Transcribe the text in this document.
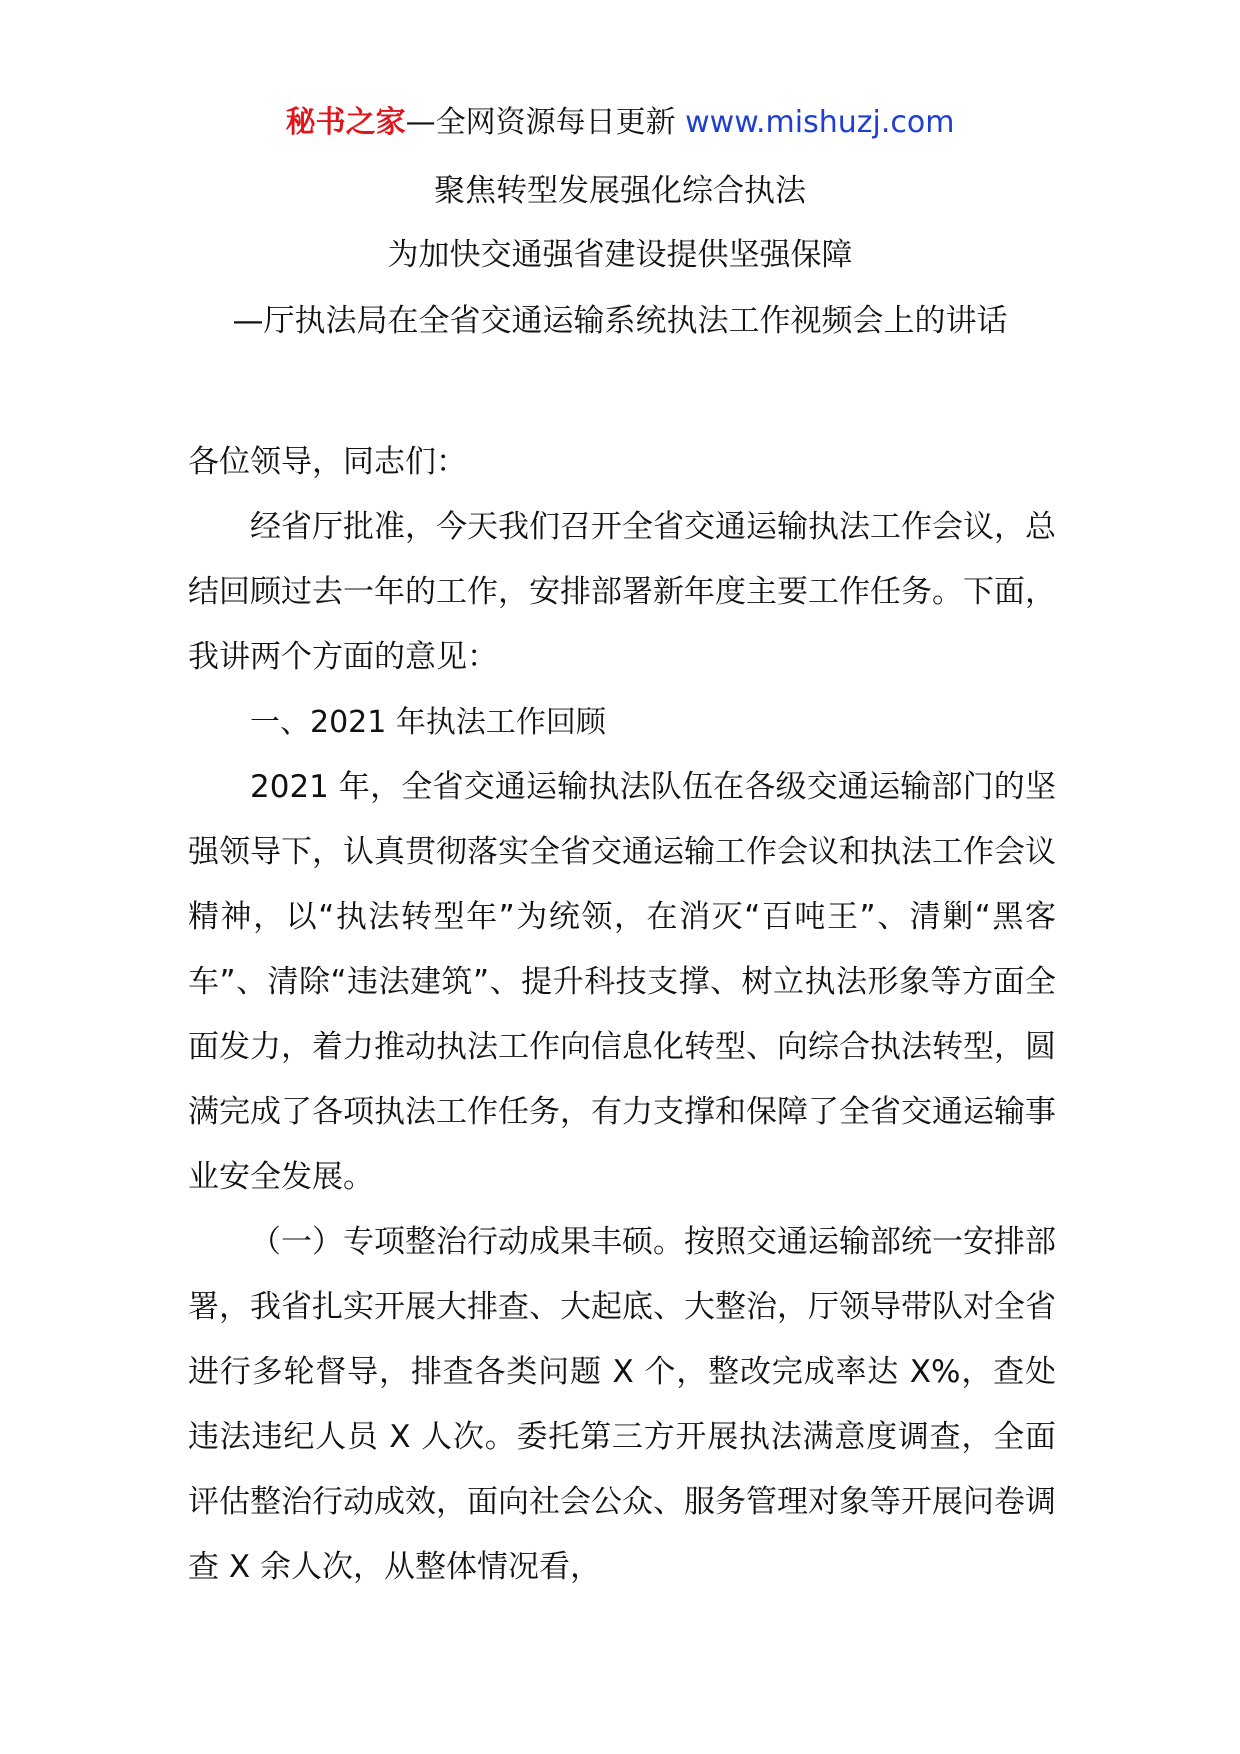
秘书之家—全网资源每日更新 www.mishuzj.com
聚焦转型发展强化综合执法
为加快交通强省建设提供坚强保障
—厅执法局在全省交通运输系统执法工作视频会上的讲话

各位领导，同志们：

经省厅批准，今天我们召开全省交通运输执法工作会议，总结回顾过去一年的工作，安排部署新年度主要工作任务。下面，我讲两个方面的意见：

一、2021 年执法工作回顾

2021 年，全省交通运输执法队伍在各级交通运输部门的坚强领导下，认真贯彻落实全省交通运输工作会议和执法工作会议精神，以“执法转型年”为统领，在消灭“百吨王”、清剿“黑客车”、清除“违法建筑”、提升科技支撑、树立执法形象等方面全面发力，着力推动执法工作向信息化转型、向综合执法转型，圆满完成了各项执法工作任务，有力支撑和保障了全省交通运输事业安全发展。

（一）专项整治行动成果丰硕。按照交通运输部统一安排部署，我省扎实开展大排查、大起底、大整治，厅领导带队对全省进行多轮督导，排查各类问题 X 个，整改完成率达 X%，查处违法违纪人员 X 人次。委托第三方开展执法满意度调查，全面评估整治行动成效，面向社会公众、服务管理对象等开展问卷调查 X 余人次，从整体情况看，
